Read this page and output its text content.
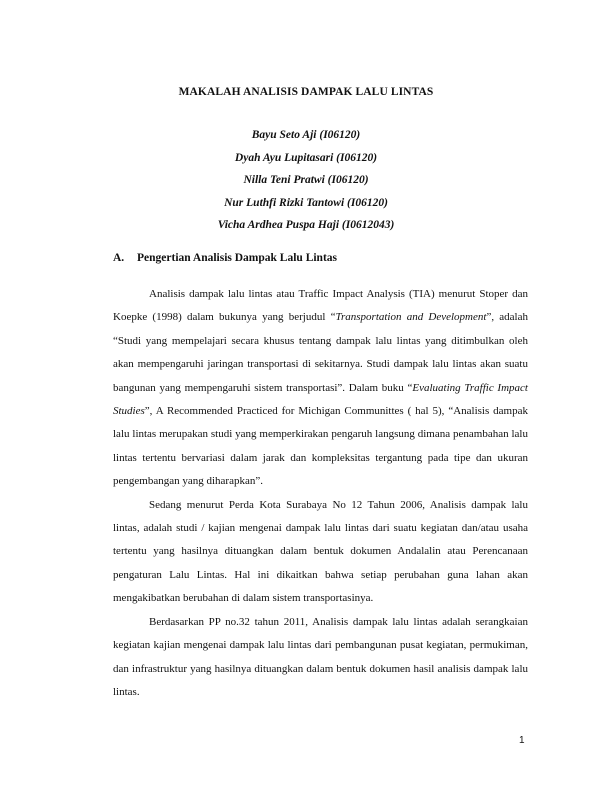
MAKALAH ANALISIS DAMPAK LALU LINTAS
Bayu Seto Aji (I06120)
Dyah Ayu Lupitasari (I06120)
Nilla Teni Pratwi (I06120)
Nur Luthfi Rizki Tantowi (I06120)
Vicha Ardhea Puspa Haji (I0612043)
A. Pengertian Analisis Dampak Lalu Lintas

Analisis dampak lalu lintas atau Traffic Impact Analysis (TIA) menurut Stoper dan Koepke (1998) dalam bukunya yang berjudul “Transportation and Development”, adalah “Studi yang mempelajari secara khusus tentang dampak lalu lintas yang ditimbulkan oleh akan mempengaruhi jaringan transportasi di sekitarnya. Studi dampak lalu lintas akan suatu bangunan yang mempengaruhi sistem transportasi”. Dalam buku “Evaluating Traffic Impact Studies”, A Recommended Practiced for Michigan Communittes ( hal 5), “Analisis dampak lalu lintas merupakan studi yang memperkirakan pengaruh langsung dimana penambahan lalu lintas tertentu bervariasi dalam jarak dan kompleksitas tergantung pada tipe dan ukuran pengembangan yang diharapkan”.

Sedang menurut Perda Kota Surabaya No 12 Tahun 2006, Analisis dampak lalu lintas, adalah studi / kajian mengenai dampak lalu lintas dari suatu kegiatan dan/atau usaha tertentu yang hasilnya dituangkan dalam bentuk dokumen Andalalin atau Perencanaan pengaturan Lalu Lintas. Hal ini dikaitkan bahwa setiap perubahan guna lahan akan mengakibatkan berubahan di dalam sistem transportasinya.

Berdasarkan PP no.32 tahun 2011, Analisis dampak lalu lintas adalah serangkaian kegiatan kajian mengenai dampak lalu lintas dari pembangunan pusat kegiatan, permukiman, dan infrastruktur yang hasilnya dituangkan dalam bentuk dokumen hasil analisis dampak lalu lintas.

1
